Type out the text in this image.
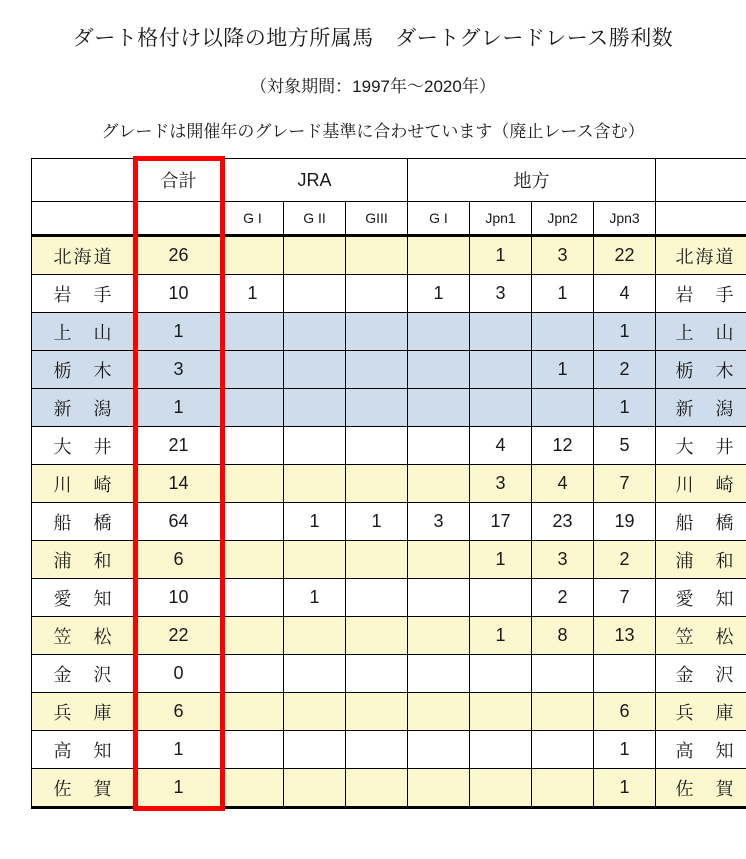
ダート格付け以降の地方所属馬　ダートグレードレース勝利数
（対象期間：1997年～2020年）
グレードは開催年のグレード基準に合わせています（廃止レース含む）
	合計	JRA			地方				
		G I	G II	GIII	G I	Jpn1	Jpn2	Jpn3	
北海道	26					1	3	22	北海道
岩　手	10	1			1	3	1	4	岩　手
上　山	1							1	上　山
栃　木	3						1	2	栃　木
新　潟	1							1	新　潟
大　井	21					4	12	5	大　井
川　崎	14					3	4	7	川　崎
船　橋	64		1	1	3	17	23	19	船　橋
浦　和	6					1	3	2	浦　和
愛　知	10		1				2	7	愛　知
笠　松	22					1	8	13	笠　松
金　沢	0								金　沢
兵　庫	6							6	兵　庫
高　知	1							1	高　知
佐　賀	1							1	佐　賀
